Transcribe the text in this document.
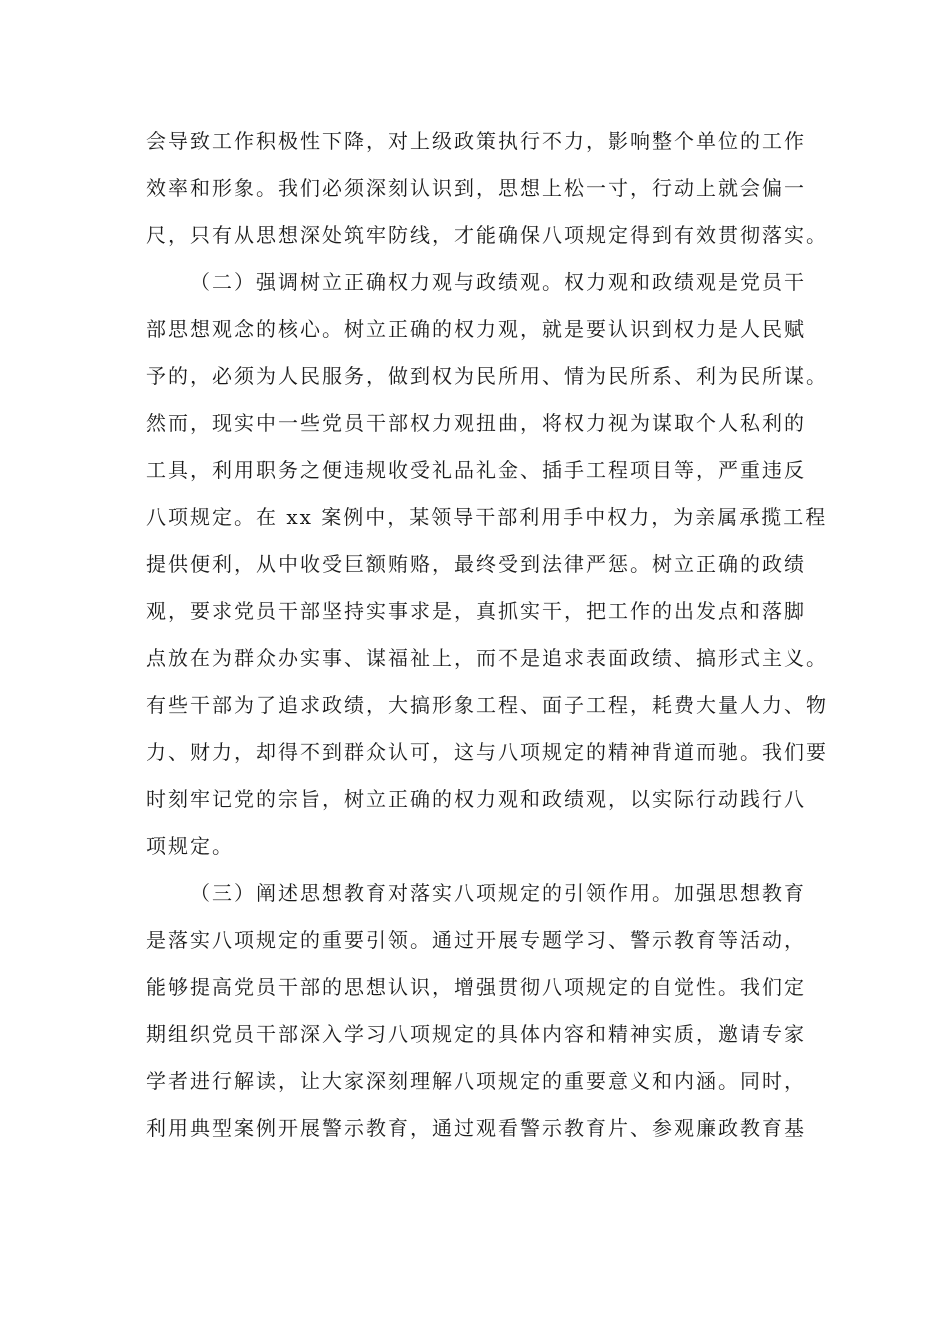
会导致工作积极性下降，对上级政策执行不力，影响整个单位的工作
效率和形象。我们必须深刻认识到，思想上松一寸，行动上就会偏一
尺，只有从思想深处筑牢防线，才能确保八项规定得到有效贯彻落实。
（二）强调树立正确权力观与政绩观。权力观和政绩观是党员干
部思想观念的核心。树立正确的权力观，就是要认识到权力是人民赋
予的，必须为人民服务，做到权为民所用、情为民所系、利为民所谋。
然而，现实中一些党员干部权力观扭曲，将权力视为谋取个人私利的
工具，利用职务之便违规收受礼品礼金、插手工程项目等，严重违反
八项规定。在 xx 案例中，某领导干部利用手中权力，为亲属承揽工程
提供便利，从中收受巨额贿赂，最终受到法律严惩。树立正确的政绩
观，要求党员干部坚持实事求是，真抓实干，把工作的出发点和落脚
点放在为群众办实事、谋福祉上，而不是追求表面政绩、搞形式主义。
有些干部为了追求政绩，大搞形象工程、面子工程，耗费大量人力、物
力、财力，却得不到群众认可，这与八项规定的精神背道而驰。我们要
时刻牢记党的宗旨，树立正确的权力观和政绩观，以实际行动践行八
项规定。
（三）阐述思想教育对落实八项规定的引领作用。加强思想教育
是落实八项规定的重要引领。通过开展专题学习、警示教育等活动，
能够提高党员干部的思想认识，增强贯彻八项规定的自觉性。我们定
期组织党员干部深入学习八项规定的具体内容和精神实质，邀请专家
学者进行解读，让大家深刻理解八项规定的重要意义和内涵。同时，
利用典型案例开展警示教育，通过观看警示教育片、参观廉政教育基
